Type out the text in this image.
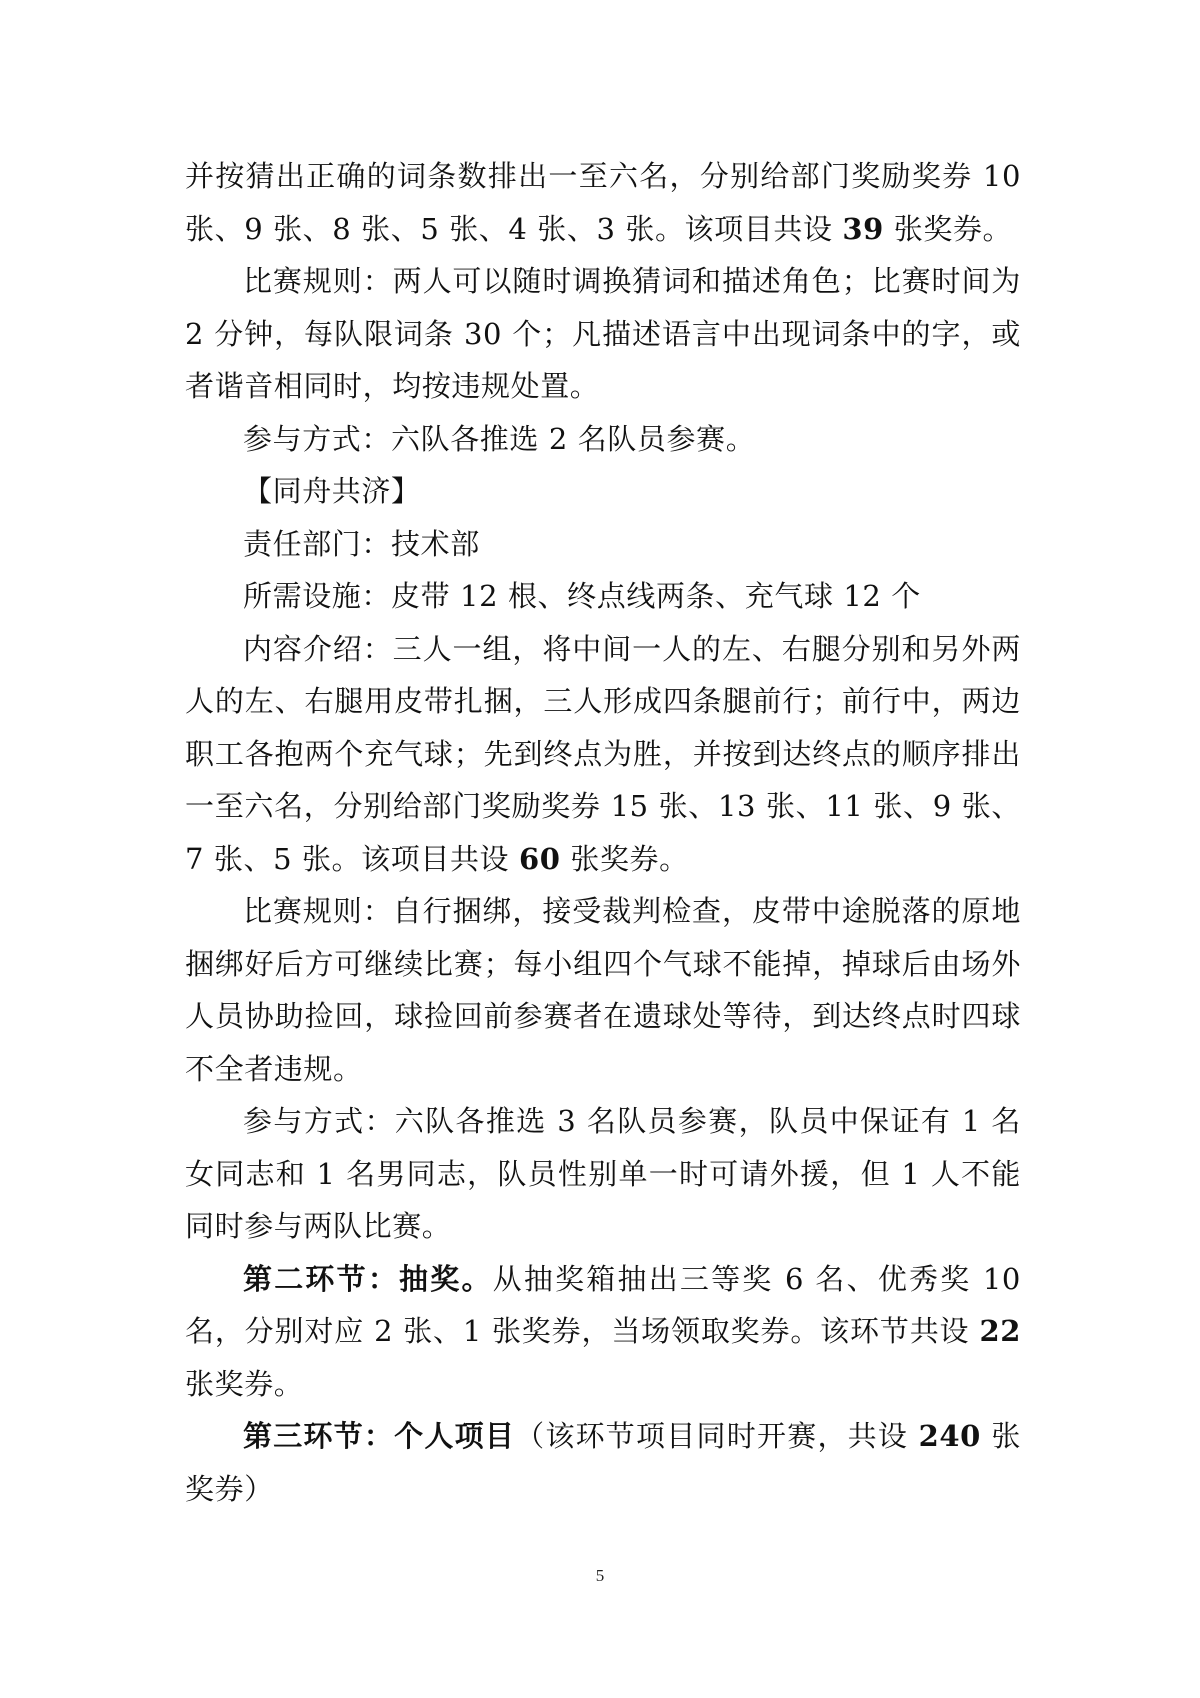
并按猜出正确的词条数排出一至六名，分别给部门奖励奖券 10 张、9 张、8 张、5 张、4 张、3 张。该项目共设 39 张奖券。

比赛规则：两人可以随时调换猜词和描述角色；比赛时间为 2 分钟，每队限词条 30 个；凡描述语言中出现词条中的字，或者谐音相同时，均按违规处置。

参与方式：六队各推选 2 名队员参赛。

【同舟共济】

责任部门：技术部

所需设施：皮带 12 根、终点线两条、充气球 12 个

内容介绍：三人一组，将中间一人的左、右腿分别和另外两人的左、右腿用皮带扎捆，三人形成四条腿前行；前行中，两边职工各抱两个充气球；先到终点为胜，并按到达终点的顺序排出一至六名，分别给部门奖励奖券 15 张、13 张、11 张、9 张、7 张、5 张。该项目共设 60 张奖券。

比赛规则：自行捆绑，接受裁判检查，皮带中途脱落的原地捆绑好后方可继续比赛；每小组四个气球不能掉，掉球后由场外人员协助捡回，球捡回前参赛者在遗球处等待，到达终点时四球不全者违规。

参与方式：六队各推选 3 名队员参赛，队员中保证有 1 名女同志和 1 名男同志，队员性别单一时可请外援，但 1 人不能同时参与两队比赛。

第二环节：抽奖。从抽奖箱抽出三等奖 6 名、优秀奖 10 名，分别对应 2 张、1 张奖券，当场领取奖券。该环节共设 22 张奖券。

第三环节：个人项目（该环节项目同时开赛，共设 240 张奖券）

5
